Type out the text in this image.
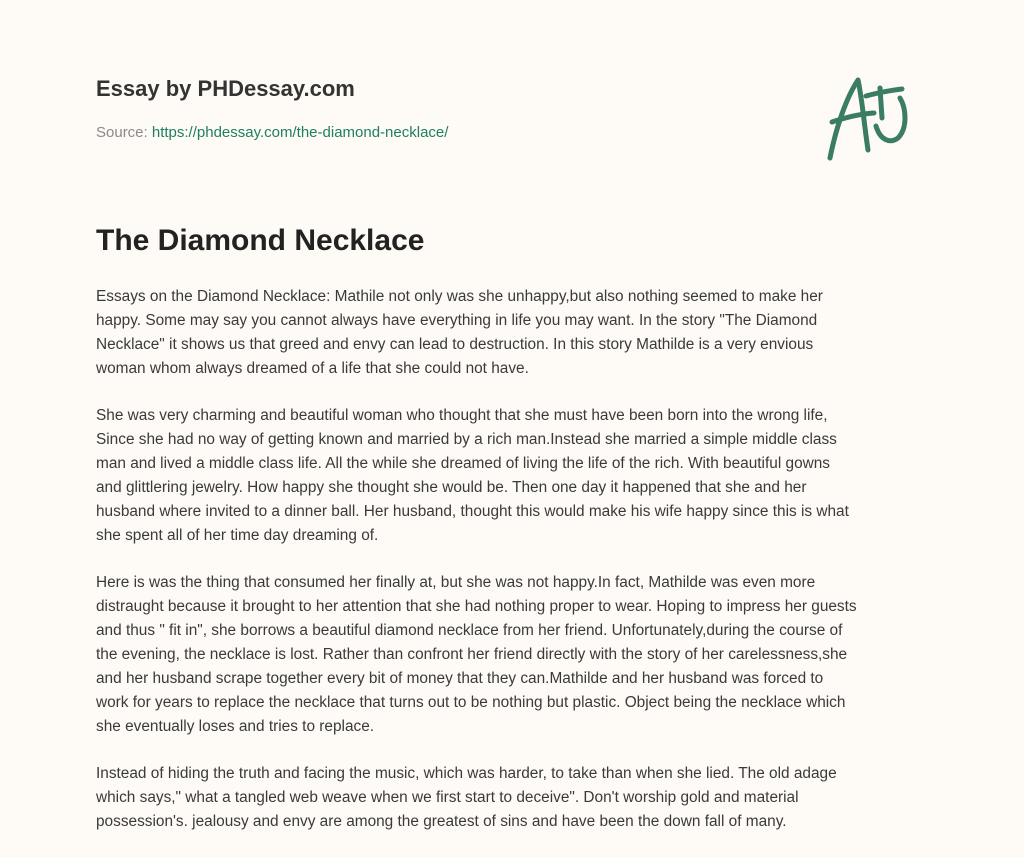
Essay by PHDessay.com
Source: https://phdessay.com/the-diamond-necklace/
The Diamond Necklace

Essays on the Diamond Necklace: Mathile not only was she unhappy,but also nothing seemed to make her
happy. Some may say you cannot always have everything in life you may want. In the story "The Diamond
Necklace" it shows us that greed and envy can lead to destruction. In this story Mathilde is a very envious
woman whom always dreamed of a life that she could not have.

She was very charming and beautiful woman who thought that she must have been born into the wrong life,
Since she had no way of getting known and married by a rich man.Instead she married a simple middle class
man and lived a middle class life. All the while she dreamed of living the life of the rich. With beautiful gowns
and glittlering jewelry. How happy she thought she would be. Then one day it happened that she and her
husband where invited to a dinner ball. Her husband, thought this would make his wife happy since this is what
she spent all of her time day dreaming of.

Here is was the thing that consumed her finally at, but she was not happy.In fact, Mathilde was even more
distraught because it brought to her attention that she had nothing proper to wear. Hoping to impress her guests
and thus " fit in", she borrows a beautiful diamond necklace from her friend. Unfortunately,during the course of
the evening, the necklace is lost. Rather than confront her friend directly with the story of her carelessness,she
and her husband scrape together every bit of money that they can.Mathilde and her husband was forced to
work for years to replace the necklace that turns out to be nothing but plastic. Object being the necklace which
she eventually loses and tries to replace.

Instead of hiding the truth and facing the music, which was harder, to take than when she lied. The old adage
which says," what a tangled web weave when we first start to deceive". Don't worship gold and material
possession's. jealousy and envy are among the greatest of sins and have been the down fall of many.
